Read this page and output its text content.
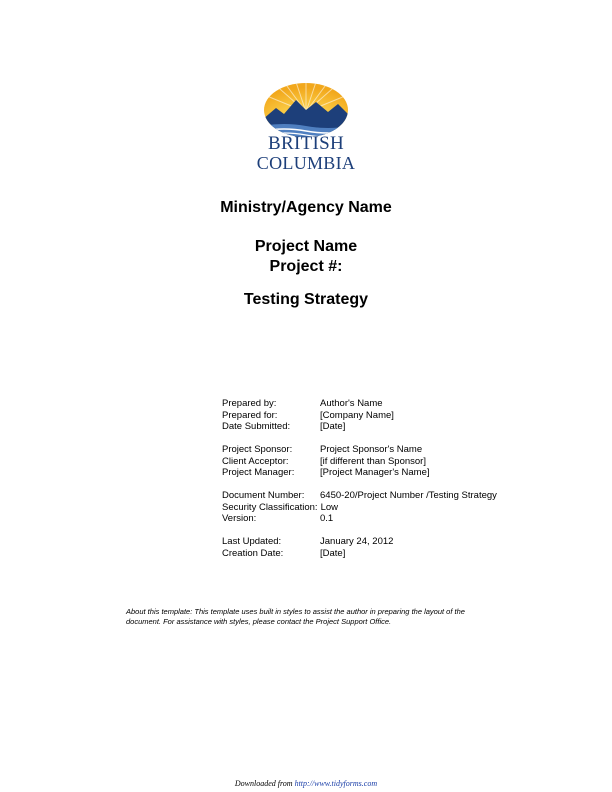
BRITISH
COLUMBIA
Ministry/Agency Name
Project Name
Project #:
Testing Strategy
Prepared by:	Author's Name
Prepared for:	[Company Name]
Date Submitted:	[Date]
Project Sponsor:	Project Sponsor's Name
Client Acceptor:	[if different than Sponsor]
Project Manager:	[Project Manager's Name]
Document Number:	6450-20/Project Number /Testing Strategy
Security Classification: Low
Version:	0.1
Last Updated:	January 24, 2012
Creation Date:	[Date]
About this template: This template uses built in styles to assist the author in preparing the layout of the document. For assistance with styles, please contact the Project Support Office.
Downloaded from http://www.tidyforms.com
